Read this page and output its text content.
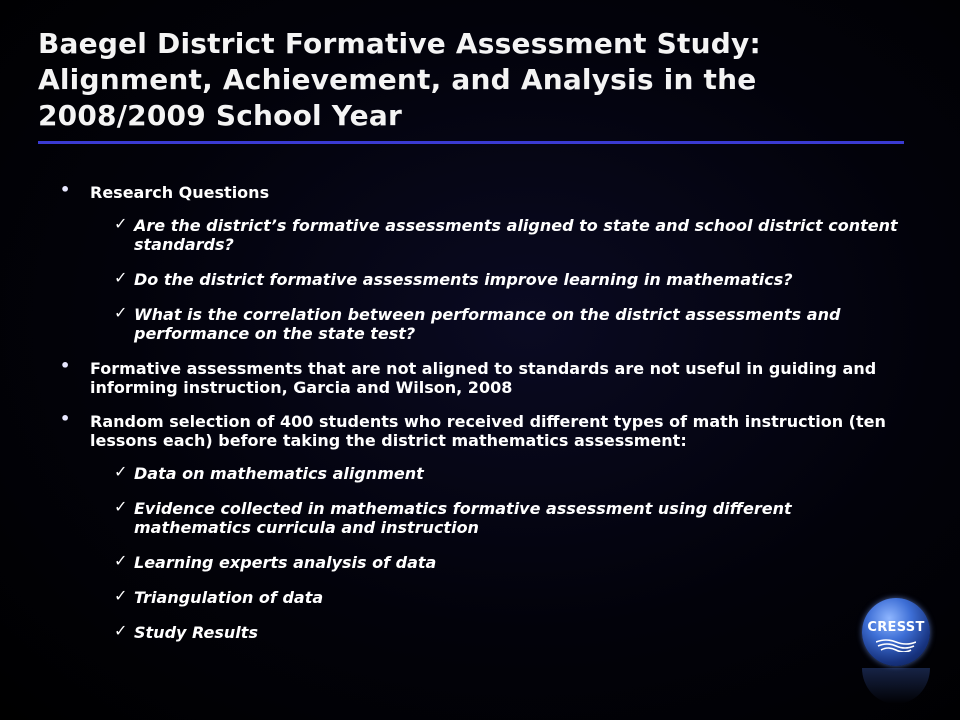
Baegel District Formative Assessment Study: Alignment, Achievement, and Analysis in the 2008/2009 School Year
• Research Questions
✓ Are the district’s formative assessments aligned to state and school district content standards?
✓ Do the district formative assessments improve learning in mathematics?
✓ What is the correlation between performance on the district assessments and performance on the state test?
• Formative assessments that are not aligned to standards are not useful in guiding and informing instruction, Garcia and Wilson, 2008
• Random selection of 400 students who received different types of math instruction (ten lessons each) before taking the district mathematics assessment:
✓ Data on mathematics alignment
✓ Evidence collected in mathematics formative assessment using different mathematics curricula and instruction
✓ Learning experts analysis of data
✓ Triangulation of data
✓ Study Results	CRESST
